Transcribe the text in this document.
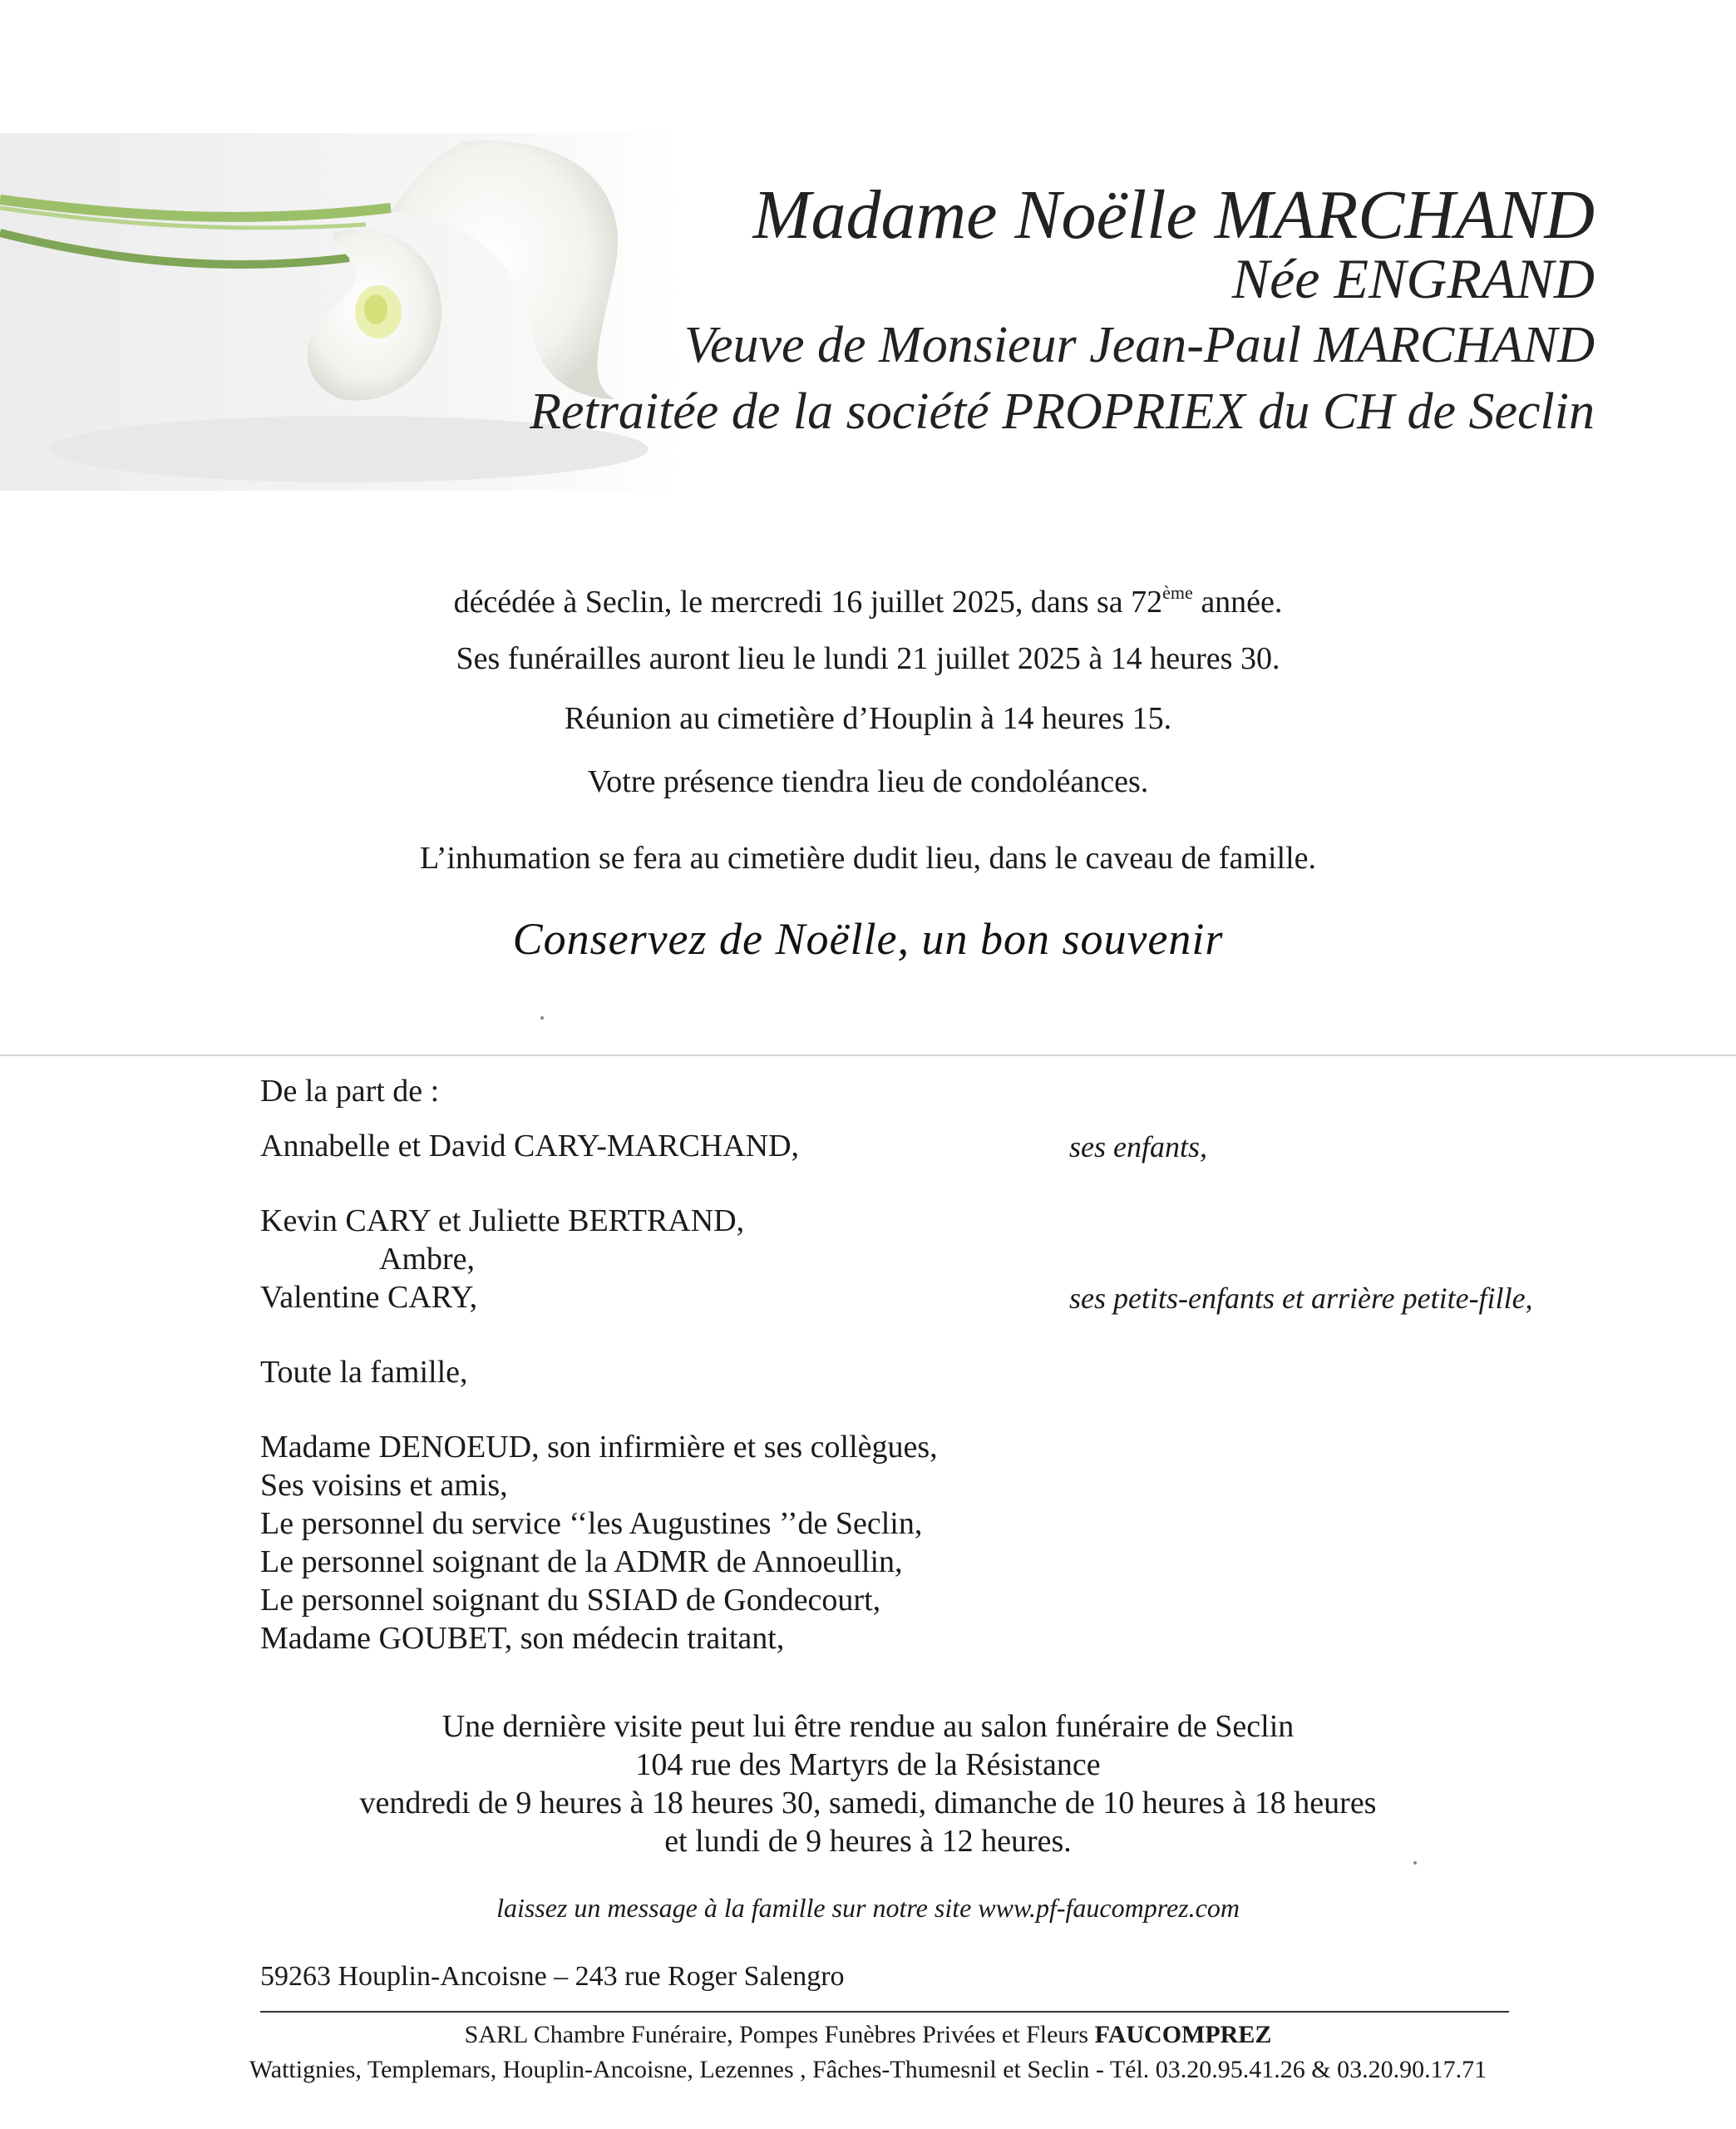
Madame Noëlle MARCHAND
Née ENGRAND
Veuve de Monsieur Jean-Paul MARCHAND
Retraitée de la société PROPRIEX du CH de Seclin
décédée à Seclin, le mercredi 16 juillet 2025, dans sa 72ème année.
Ses funérailles auront lieu le lundi 21 juillet 2025 à 14 heures 30.
Réunion au cimetière d’Houplin à 14 heures 15.
Votre présence tiendra lieu de condoléances.
L’inhumation se fera au cimetière dudit lieu, dans le caveau de famille.
Conservez de Noëlle, un bon souvenir
De la part de :
Annabelle et David CARY-MARCHAND,	ses enfants,
Kevin CARY et Juliette BERTRAND,
Ambre,
Valentine CARY,	ses petits-enfants et arrière petite-fille,
Toute la famille,
Madame DENOEUD, son infirmière et ses collègues,
Ses voisins et amis,
Le personnel du service ‘‘les Augustines ’’de Seclin,
Le personnel soignant de la ADMR de Annoeullin,
Le personnel soignant du SSIAD de Gondecourt,
Madame GOUBET, son médecin traitant,
Une dernière visite peut lui être rendue au salon funéraire de Seclin
104 rue des Martyrs de la Résistance
vendredi de 9 heures à 18 heures 30, samedi, dimanche de 10 heures à 18 heures
et lundi de 9 heures à 12 heures.
laissez un message à la famille sur notre site www.pf-faucomprez.com
59263 Houplin-Ancoisne – 243 rue Roger Salengro
SARL Chambre Funéraire, Pompes Funèbres Privées et Fleurs FAUCOMPREZ
Wattignies, Templemars, Houplin-Ancoisne, Lezennes , Fâches-Thumesnil et Seclin - Tél. 03.20.95.41.26 & 03.20.90.17.71
